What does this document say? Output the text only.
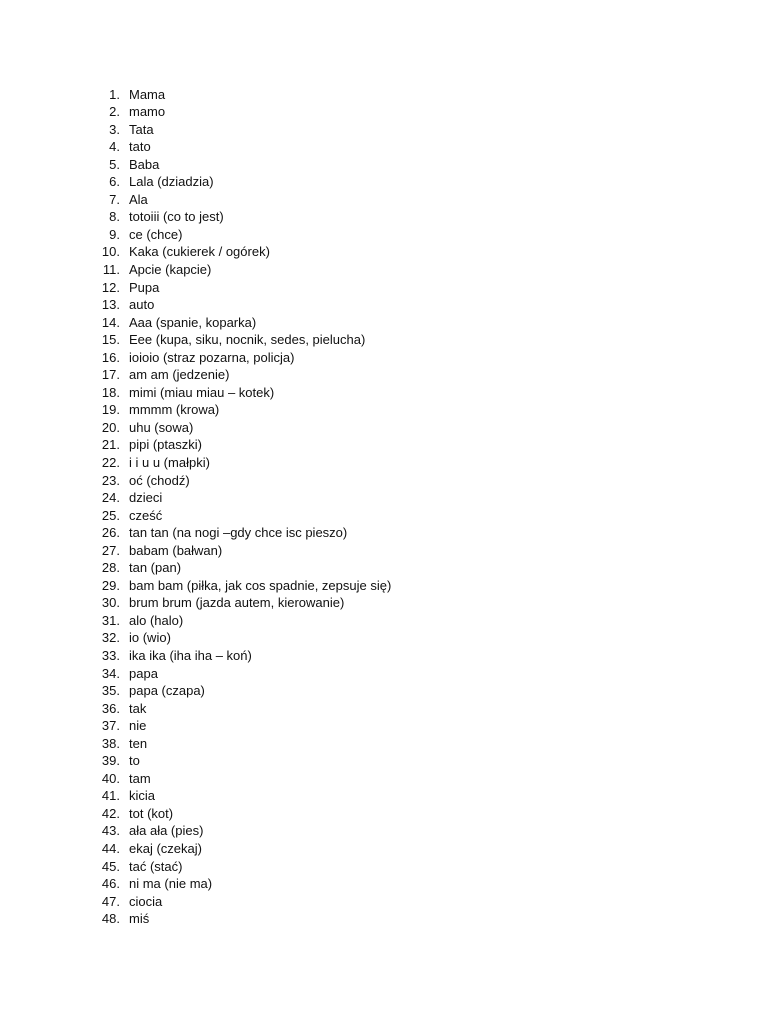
1. Mama
2. mamo
3. Tata
4. tato
5. Baba
6. Lala (dziadzia)
7. Ala
8. totoiii (co to jest)
9. ce (chce)
10. Kaka (cukierek / ogórek)
11. Apcie (kapcie)
12. Pupa
13. auto
14. Aaa (spanie, koparka)
15. Eee (kupa, siku, nocnik, sedes, pielucha)
16. ioioio (straz pozarna, policja)
17. am am (jedzenie)
18. mimi (miau miau – kotek)
19. mmmm (krowa)
20. uhu (sowa)
21. pipi (ptaszki)
22. i i u u (małpki)
23. oć (chodź)
24. dzieci
25. cześć
26. tan tan (na nogi –gdy chce isc pieszo)
27. babam (bałwan)
28. tan (pan)
29. bam bam (piłka, jak cos spadnie, zepsuje się)
30. brum brum (jazda autem, kierowanie)
31. alo (halo)
32. io (wio)
33. ika ika (iha iha – koń)
34. papa
35. papa (czapa)
36. tak
37. nie
38. ten
39. to
40. tam
41. kicia
42. tot (kot)
43. ała ała (pies)
44. ekaj (czekaj)
45. tać (stać)
46. ni ma (nie ma)
47. ciocia
48. miś
